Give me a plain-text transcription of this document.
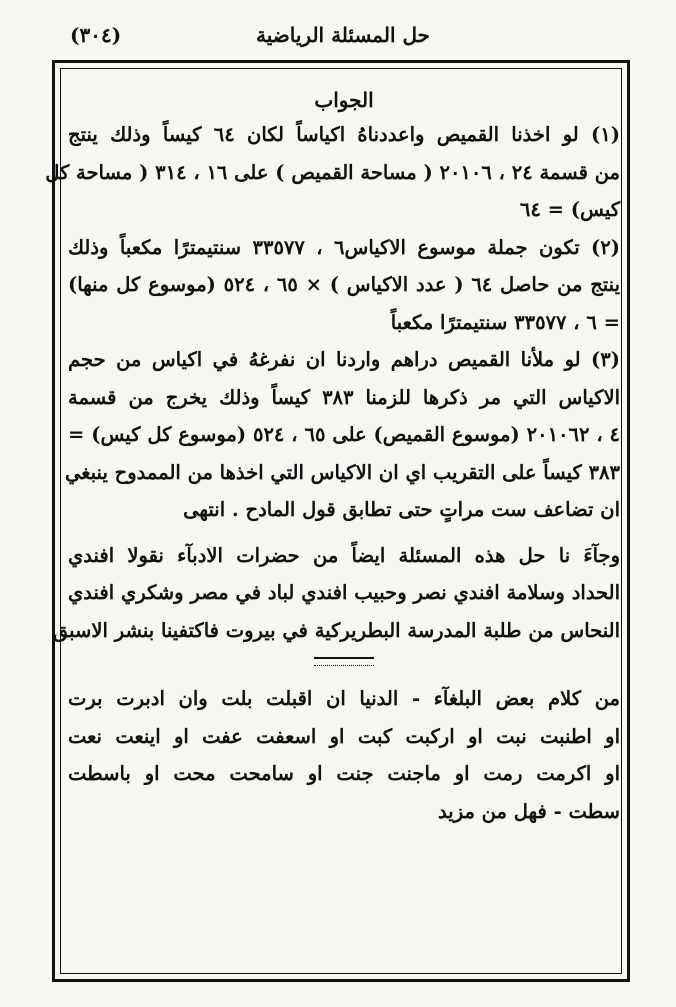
حل المسئلة الرياضية
(٣٠٤)
الجواب
(١) لو اخذنا القميص واعددناهُ اكياساً لكان ٦٤ كيساً وذلك ينتج
من قسمة ٢٤ ، ٢٠١٠٦ ( مساحة القميص ) على ١٦ ، ٣١٤ ( مساحة كل
كيس) = ٦٤
(٢) تكون جملة موسوع الاكياس٦ ، ٣٣٥٧٧ سنتيمترًا مكعباً وذلك
ينتج من حاصل ٦٤ ( عدد الاكياس ) × ٦٥ ، ٥٢٤ (موسوع كل منها)
= ٦ ، ٣٣٥٧٧ سنتيمترًا مكعباً
(٣) لو ملأنا القميص دراهم واردنا ان نفرغهُ في اكياس من حجم
الاكياس التي مر ذكرها للزمنا ٣٨٣ كيساً وذلك يخرج من قسمة
٤ ، ٢٠١٠٦٢ (موسوع القميص) على ٦٥ ، ٥٢٤ (موسوع كل كيس) =
٣٨٣ كيساً على التقريب اي ان الاكياس التي اخذها من الممدوح ينبغي
ان تضاعف ست مراتٍ حتى تطابق قول المادح . انتهى
وجآءَ نا حل هذه المسئلة ايضاً من حضرات الادبآء نقولا افندي
الحداد وسلامة افندي نصر وحبيب افندي لباد في مصر وشكري افندي
النحاس من طلبة المدرسة البطريركية في بيروت فاكتفينا بنشر الاسبق
من كلام بعض البلغآء - الدنيا ان اقبلت بلت وان ادبرت برت
او اطنبت نبت او اركبت كبت او اسعفت عفت او اينعت نعت
او اكرمت رمت او ماجنت جنت او سامحت محت او باسطت
سطت - فهل من مزيد
